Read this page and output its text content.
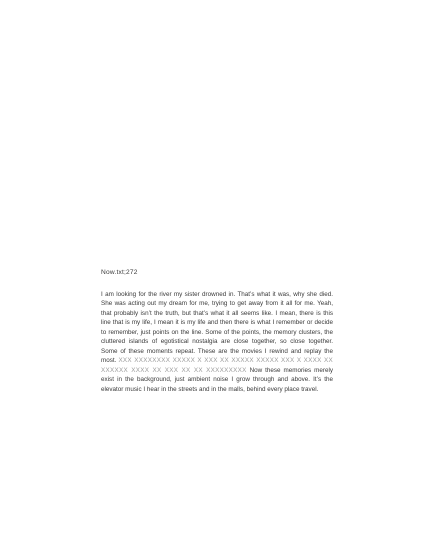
Now.txt;272
I am looking for the river my sister drowned in. That’s what it was, why she died. She was acting out my dream for me, trying to get away from it all for me. Yeah, that probably isn’t the truth, but that’s what it all seems like. I mean, there is this line that is my life, I mean it is my life and then there is what I remember or decide to remember, just points on the line. Some of the points, the memory clusters, the cluttered islands of egotistical nostalgia are close together, so close together. Some of these moments repeat. These are the movies I rewind and replay the most. XXX XXXXXXXX XXXXX X XXX XX XXXXX XXXXX XXX X XXXX XX XXXXXX XXXX XX XXX XX XX XXXXXXXXX Now these memories merely exist in the background, just ambient noise I grow through and above. It’s the elevator music I hear in the streets and in the malls, behind every place travel.
